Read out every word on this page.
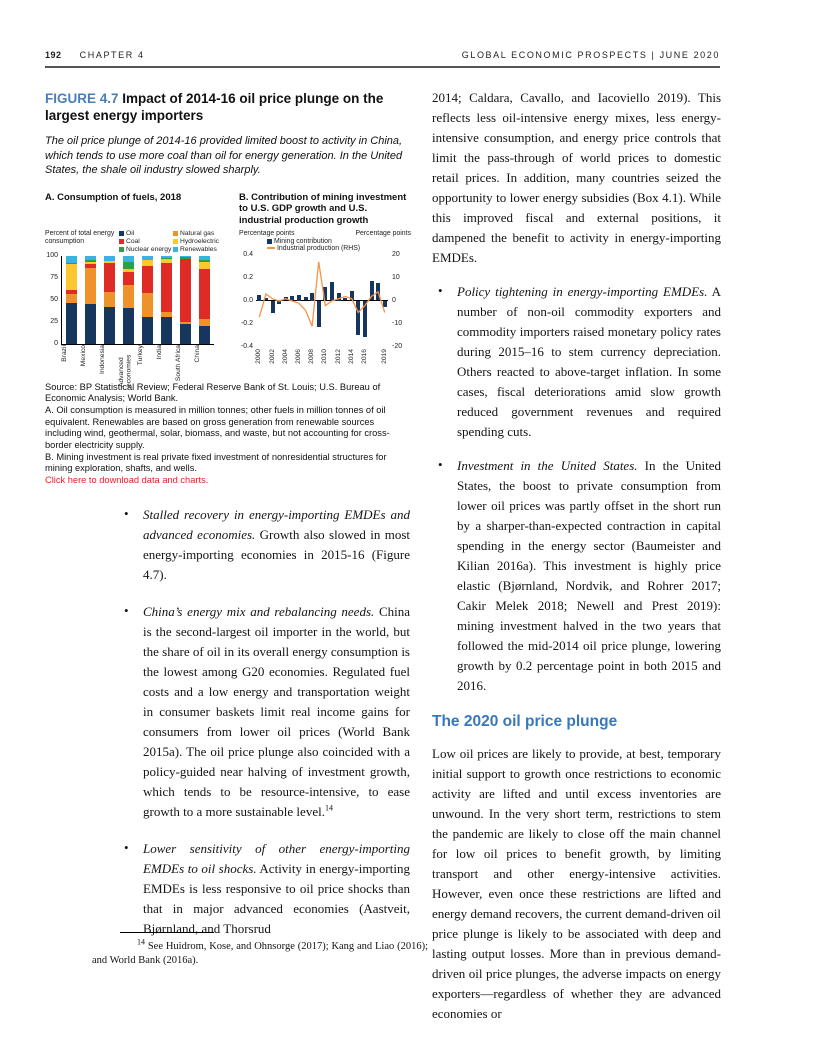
192 CHAPTER 4	GLOBAL ECONOMIC PROSPECTS | JUNE 2020

FIGURE 4.7 Impact of 2014-16 oil price plunge on the largest energy importers

The oil price plunge of 2014-16 provided limited boost to activity in China, which tends to use more coal than oil for energy generation. In the United States, the shale oil industry slowed sharply.

A. Consumption of fuels, 2018

Percent of total energy consumption
Oil	Natural gas
Coal	Hydroelectric
Nuclear energy Renewables
100
75
50
25
0
Brazil	Mexico	Indonesia	Advanced economies Turkey	India	South Africa	China

B. Contribution of mining investment to U.S. GDP growth and U.S. industrial production growth

Percentage points	Percentage points
Mining contribution
Industrial production (RHS)
0.4
0.2
0.0
-0.2
-0.4
20
10
0
-10
-20
2000 2002 2004 2006 2008 2010 2012 2014 2016 2019

Source: BP Statistical Review; Federal Reserve Bank of St. Louis; U.S. Bureau of Economic Analysis; World Bank.

A. Oil consumption is measured in million tonnes; other fuels in million tonnes of oil equivalent. Renewables are based on gross generation from renewable sources including wind, geothermal, solar, biomass, and waste, but not accounting for cross-border electricity supply.

B. Mining investment is real private fixed investment of nonresidential structures for mining exploration, shafts, and wells.

Click here to download data and charts.

• Stalled recovery in energy-importing EMDEs and advanced economies. Growth also slowed in most energy-importing economies in 2015-16 (Figure 4.7).

• China’s energy mix and rebalancing needs. China is the second-largest oil importer in the world, but the share of oil in its overall energy consumption is the lowest among G20 economies. Regulated fuel costs and a low energy and transportation weight in consumer baskets limit real income gains for consumers from lower oil prices (World Bank 2015a). The oil price plunge also coincided with a policy-guided near halving of investment growth, which tends to be resource-intensive, to ease growth to a more sustainable level.$^{14}$

• Lower sensitivity of other energy-importing EMDEs to oil shocks. Activity in energy-importing EMDEs is less responsive to oil price shocks than that in major advanced economies (Aastveit, Bjørnland, and Thorsrud

$^{14}$ See Huidrom, Kose, and Ohnsorge (2017); Kang and Liao (2016); and World Bank (2016a).

2014; Caldara, Cavallo, and Iacoviello 2019). This reflects less oil-intensive energy mixes, less energy-intensive consumption, and energy price controls that limit the pass-through of world prices to domestic retail prices. In addition, many countries seized the opportunity to lower energy subsidies (Box 4.1). While this improved fiscal and external positions, it dampened the benefit to activity in energy-importing EMDEs.

• Policy tightening in energy-importing EMDEs. A number of non-oil commodity exporters and commodity importers raised monetary policy rates during 2015–16 to stem currency depreciation. Others reacted to above-target inflation. In some cases, fiscal deteriorations amid slow growth reduced government revenues and required spending cuts.

• Investment in the United States. In the United States, the boost to private consumption from lower oil prices was partly offset in the short run by a sharper-than-expected contraction in capital spending in the energy sector (Baumeister and Kilian 2016a). This investment is highly price elastic (Bjørnland, Nordvik, and Rohrer 2017; Cakir Melek 2018; Newell and Prest 2019): mining investment halved in the two years that followed the mid-2014 oil price plunge, lowering growth by 0.2 percentage point in both 2015 and 2016.

The 2020 oil price plunge

Low oil prices are likely to provide, at best, temporary initial support to growth once restrictions to economic activity are lifted and until excess inventories are unwound. In the very short term, restrictions to stem the pandemic are likely to close off the main channel for low oil prices to benefit growth, by limiting transport and other energy-intensive activities. However, even once these restrictions are lifted and energy demand recovers, the current demand-driven oil price plunge is likely to be associated with deep and lasting output losses. More than in previous demand-driven oil price plunges, the adverse impacts on energy exporters—regardless of whether they are advanced economies or
